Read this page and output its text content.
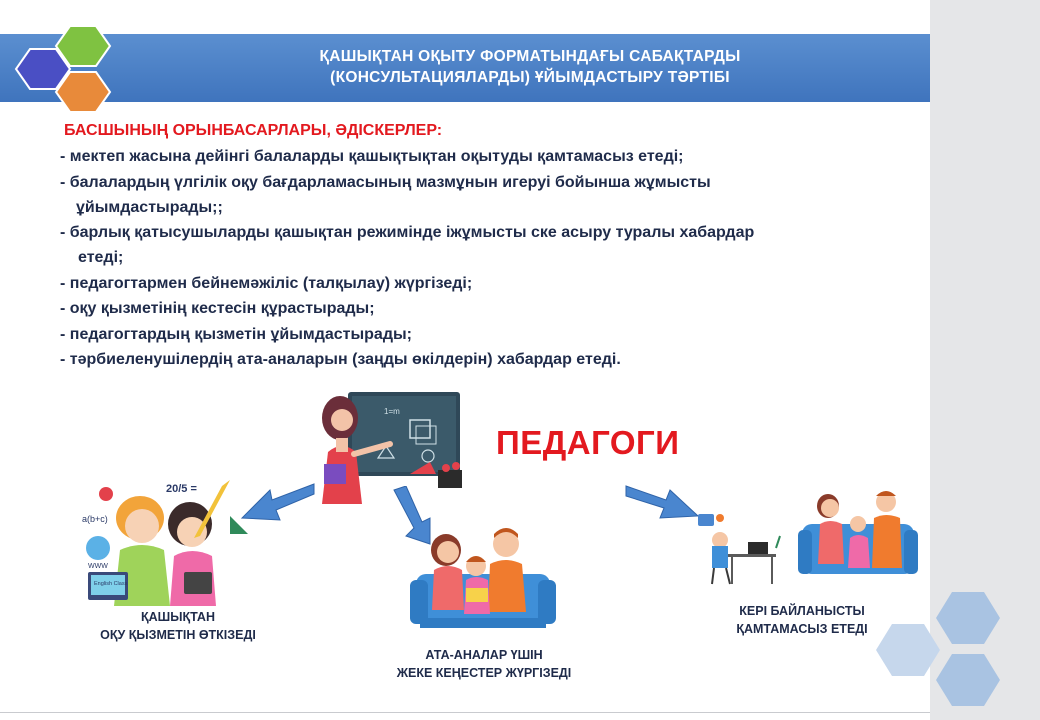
ҚАШЫҚТАН ОҚЫТУ ФОРМАТЫНДАҒЫ САБАҚТАРДЫ
(КОНСУЛЬТАЦИЯЛАРДЫ) ҰЙЫМДАСТЫРУ ТӘРТІБІ
БАСШЫНЫҢ ОРЫНБАСАРЛАРЫ, ӘДІСКЕРЛЕР:
- мектеп жасына дейінгі балаларды қашықтықтан оқытуды қамтамасыз етеді;
- балалардың үлгілік оқу бағдарламасының мазмұнын игеруі бойынша жұмысты
ұйымдастырады;;
- барлық қатысушыларды қашықтан режимінде іжұмысты ске асыру туралы хабардар
етеді;
- педагогтармен бейнемәжіліс (талқылау) жүргізеді;
- оқу қызметінің кестесін құрастырады;
- педагогтардың қызметін ұйымдастырады;
- тәрбиеленушілердің ата-аналарын (заңды өкілдерін) хабардар етеді.
1=m
ПЕДАГОГИ
20/5 =
a(b+c)
WWW
English Class
ҚАШЫҚТАН
ОҚУ ҚЫЗМЕТІН ӨТКІЗЕДІ
АТА-АНАЛАР ҮШІН
ЖЕКЕ КЕҢЕСТЕР ЖҮРГІЗЕДІ
КЕРІ БАЙЛАНЫСТЫ
ҚАМТАМАСЫЗ ЕТЕДІ
